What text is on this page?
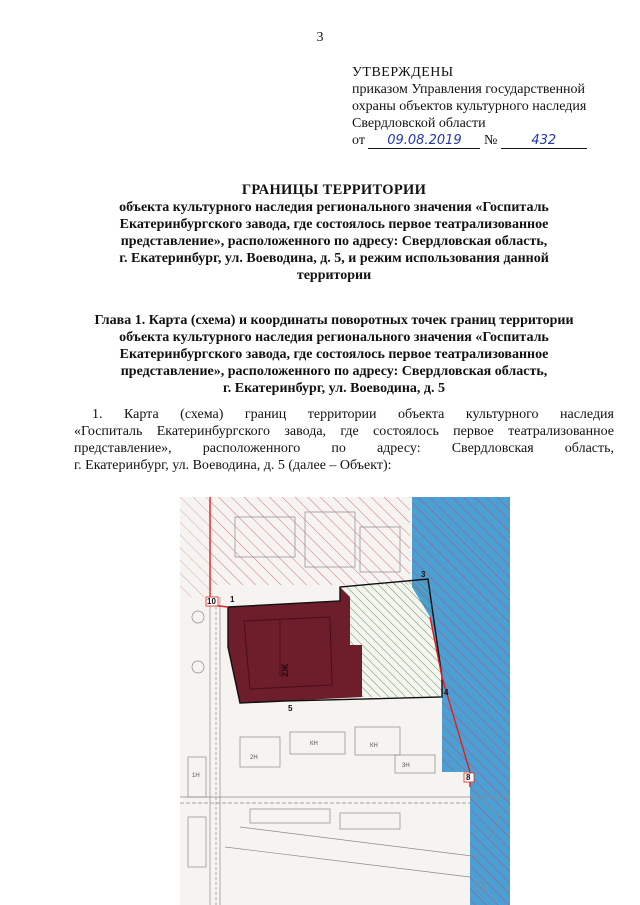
3
УТВЕРЖДЕНЫ
приказом Управления государственной
охраны объектов культурного наследия
Свердловской области
от 09.08.2019 №	432
ГРАНИЦЫ ТЕРРИТОРИИ
объекта культурного наследия регионального значения «Госпиталь
Екатеринбургского завода, где состоялось первое театрализованное
представление», расположенного по адресу: Свердловская область,
г. Екатеринбург, ул. Воеводина, д. 5, и режим использования данной
территории
Глава 1. Карта (схема) и координаты поворотных точек границ территории
объекта культурного наследия регионального значения «Госпиталь
Екатеринбургского завода, где состоялось первое театрализованное
представление», расположенного по адресу: Свердловская область,
г. Екатеринбург, ул. Воеводина, д. 5
1. Карта (схема) границ территории объекта культурного наследия
«Госпиталь Екатеринбургского завода, где состоялось первое театрализованное
представление», расположенного по адресу: Свердловская область,
г. Екатеринбург, ул. Воеводина, д. 5 (далее – Объект):
10 1
3
4
5
8
2Ж
КН
КН
1Н
2Н
3Н
